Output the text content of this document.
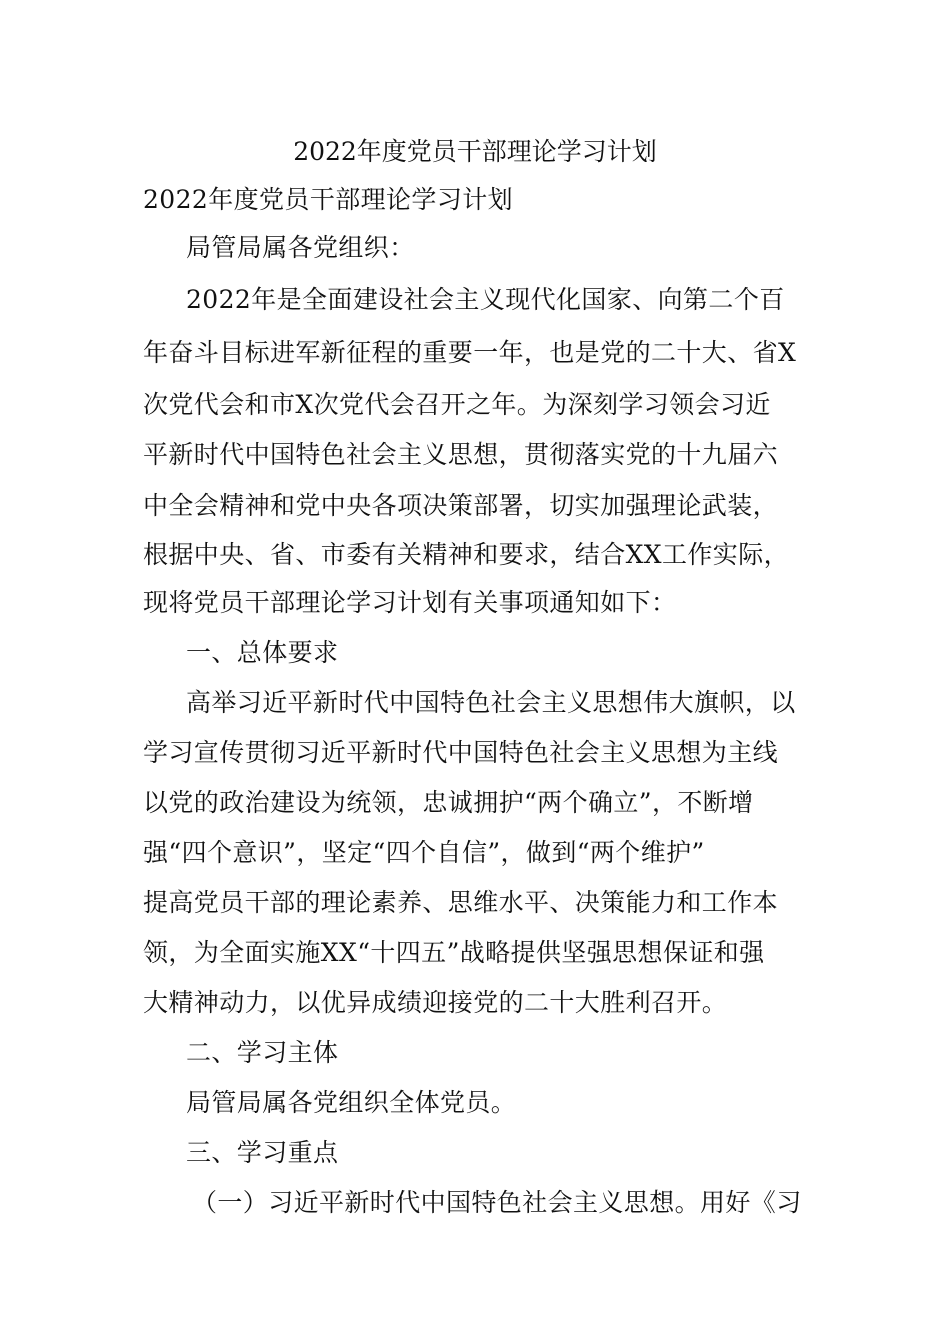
2022年度党员干部理论学习计划
2022年度党员干部理论学习计划
局管局属各党组织：
2022年是全面建设社会主义现代化国家、向第二个百
年奋斗目标进军新征程的重要一年，也是党的二十大、省X
次党代会和市X次党代会召开之年。为深刻学习领会习近
平新时代中国特色社会主义思想，贯彻落实党的十九届六
中全会精神和党中央各项决策部署，切实加强理论武装，
根据中央、省、市委有关精神和要求，结合XX工作实际，
现将党员干部理论学习计划有关事项通知如下：
一、总体要求
高举习近平新时代中国特色社会主义思想伟大旗帜，以
学习宣传贯彻习近平新时代中国特色社会主义思想为主线
以党的政治建设为统领，忠诚拥护“两个确立”，不断增
强“四个意识”，坚定“四个自信”，做到“两个维护”
提高党员干部的理论素养、思维水平、决策能力和工作本
领，为全面实施XX“十四五”战略提供坚强思想保证和强
大精神动力，以优异成绩迎接党的二十大胜利召开。
二、学习主体
局管局属各党组织全体党员。
三、学习重点
（一）习近平新时代中国特色社会主义思想。用好《习
